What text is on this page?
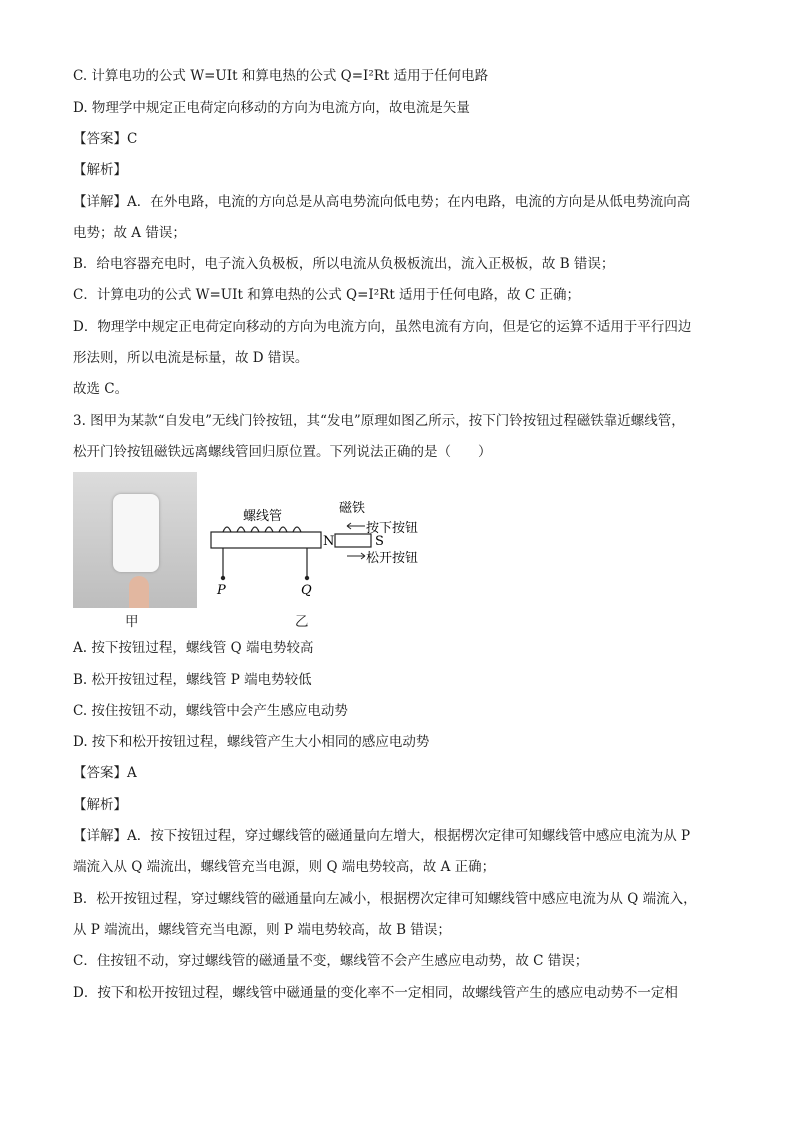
C. 计算电功的公式 W=UIt 和算电热的公式 Q=I²Rt 适用于任何电路
D. 物理学中规定正电荷定向移动的方向为电流方向，故电流是矢量
【答案】C
【解析】
【详解】A．在外电路，电流的方向总是从高电势流向低电势；在内电路，电流的方向是从低电势流向高
电势；故 A 错误；
B．给电容器充电时，电子流入负极板，所以电流从负极板流出，流入正极板，故 B 错误；
C．计算电功的公式 W=UIt 和算电热的公式 Q=I²Rt 适用于任何电路，故 C 正确；
D．物理学中规定正电荷定向移动的方向为电流方向，虽然电流有方向，但是它的运算不适用于平行四边
形法则，所以电流是标量，故 D 错误。
故选 C。
3. 图甲为某款“自发电”无线门铃按钮，其“发电”原理如图乙所示，按下门铃按钮过程磁铁靠近螺线管，
松开门铃按钮磁铁远离螺线管回归原位置。下列说法正确的是（　　）
甲
螺线管
磁铁
按下按钮
松开按钮
N	S
P	Q
乙
A. 按下按钮过程，螺线管 Q 端电势较高
B. 松开按钮过程，螺线管 P 端电势较低
C. 按住按钮不动，螺线管中会产生感应电动势
D. 按下和松开按钮过程，螺线管产生大小相同的感应电动势
【答案】A
【解析】
【详解】A．按下按钮过程，穿过螺线管的磁通量向左增大，根据楞次定律可知螺线管中感应电流为从 P
端流入从 Q 端流出，螺线管充当电源，则 Q 端电势较高，故 A 正确；
B．松开按钮过程，穿过螺线管的磁通量向左减小，根据楞次定律可知螺线管中感应电流为从 Q 端流入，
从 P 端流出，螺线管充当电源，则 P 端电势较高，故 B 错误；
C．住按钮不动，穿过螺线管的磁通量不变，螺线管不会产生感应电动势，故 C 错误；
D．按下和松开按钮过程，螺线管中磁通量的变化率不一定相同，故螺线管产生的感应电动势不一定相
